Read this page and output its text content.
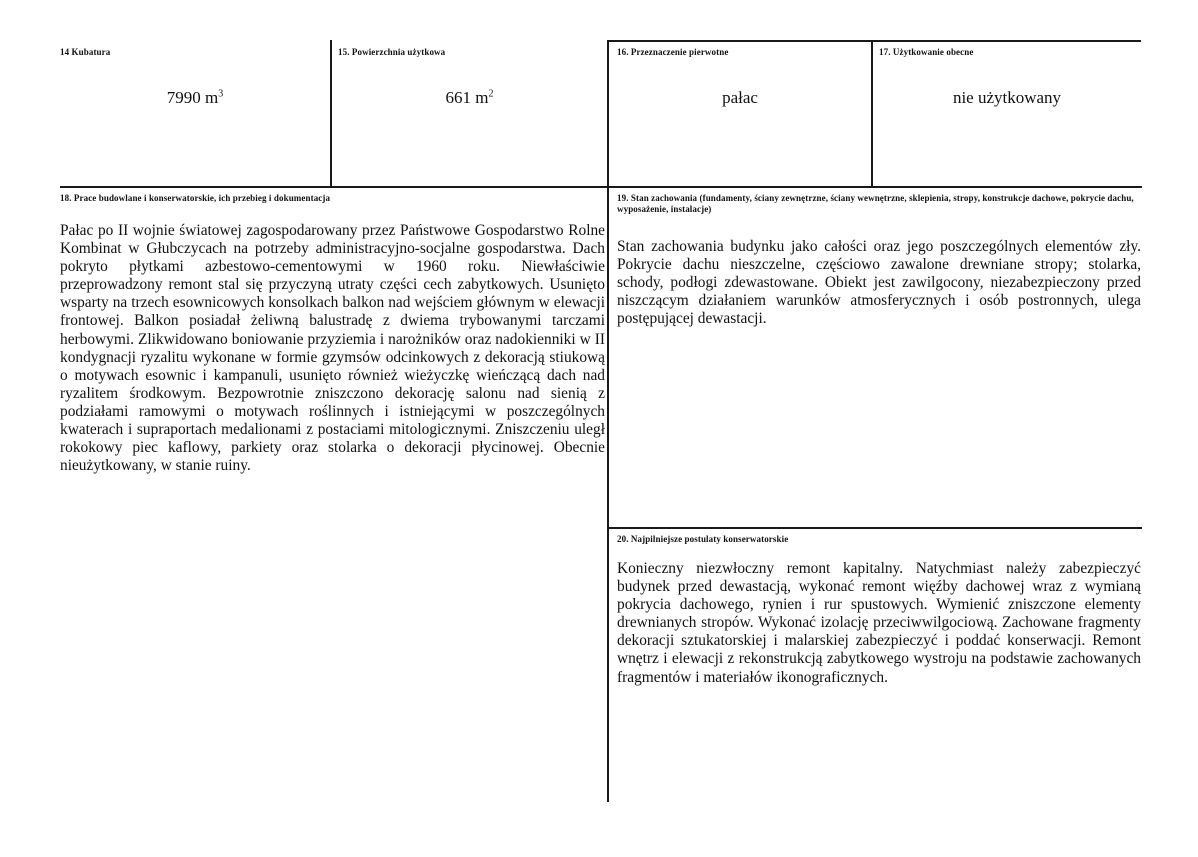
14 Kubatura
7990 $m^3$
15. Powierzchnia użytkowa
661 $m^2$
16. Przeznaczenie pierwotne
pałac
17. Użytkowanie obecne
nie użytkowany
18. Prace budowlane i konserwatorskie, ich przebieg i dokumentacja
Pałac po II wojnie światowej zagospodarowany przez Państwowe Gospodarstwo Rolne Kombinat w Głubczycach na potrzeby administracyjno-socjalne gospodarstwa. Dach pokryto płytkami azbestowo-cementowymi w 1960 roku. Niewłaściwie przeprowadzony remont stal się przyczyną utraty części cech zabytkowych. Usunięto wsparty na trzech esownicowych konsolkach balkon nad wejściem głównym w elewacji frontowej. Balkon posiadał żeliwną balustradę z dwiema trybowanymi tarczami herbowymi. Zlikwidowano boniowanie przyziemia i narożników oraz nadokienniki w II kondygnacji ryzalitu wykonane w formie gzymsów odcinkowych z dekoracją stiukową o motywach esownic i kampanuli, usunięto również wieżyczkę wieńczącą dach nad ryzalitem środkowym. Bezpowrotnie zniszczono dekorację salonu nad sienią z podziałami ramowymi o motywach roślinnych i istniejącymi w poszczególnych kwaterach i supraportach medalionami z postaciami mitologicznymi. Zniszczeniu uległ rokokowy piec kaflowy, parkiety oraz stolarka o dekoracji płycinowej. Obecnie nieużytkowany, w stanie ruiny.
19. Stan zachowania (fundamenty, ściany zewnętrzne, ściany wewnętrzne, sklepienia, stropy, konstrukcje dachowe, pokrycie dachu, wyposażenie, instalacje)
Stan zachowania budynku jako całości oraz jego poszczególnych elementów zły. Pokrycie dachu nieszczelne, częściowo zawalone drewniane stropy; stolarka, schody, podłogi zdewastowane. Obiekt jest zawilgocony, niezabezpieczony przed niszczącym działaniem warunków atmosferycznych i osób postronnych, ulega postępującej dewastacji.
20. Najpilniejsze postulaty konserwatorskie
Konieczny niezwłoczny remont kapitalny. Natychmiast należy zabezpieczyć budynek przed dewastacją, wykonać remont więźby dachowej wraz z wymianą pokrycia dachowego, rynien i rur spustowych. Wymienić zniszczone elementy drewnianych stropów. Wykonać izolację przeciwwilgociową. Zachowane fragmenty dekoracji sztukatorskiej i malarskiej zabezpieczyć i poddać konserwacji. Remont wnętrz i elewacji z rekonstrukcją zabytkowego wystroju na podstawie zachowanych fragmentów i materiałów ikonograficznych.
